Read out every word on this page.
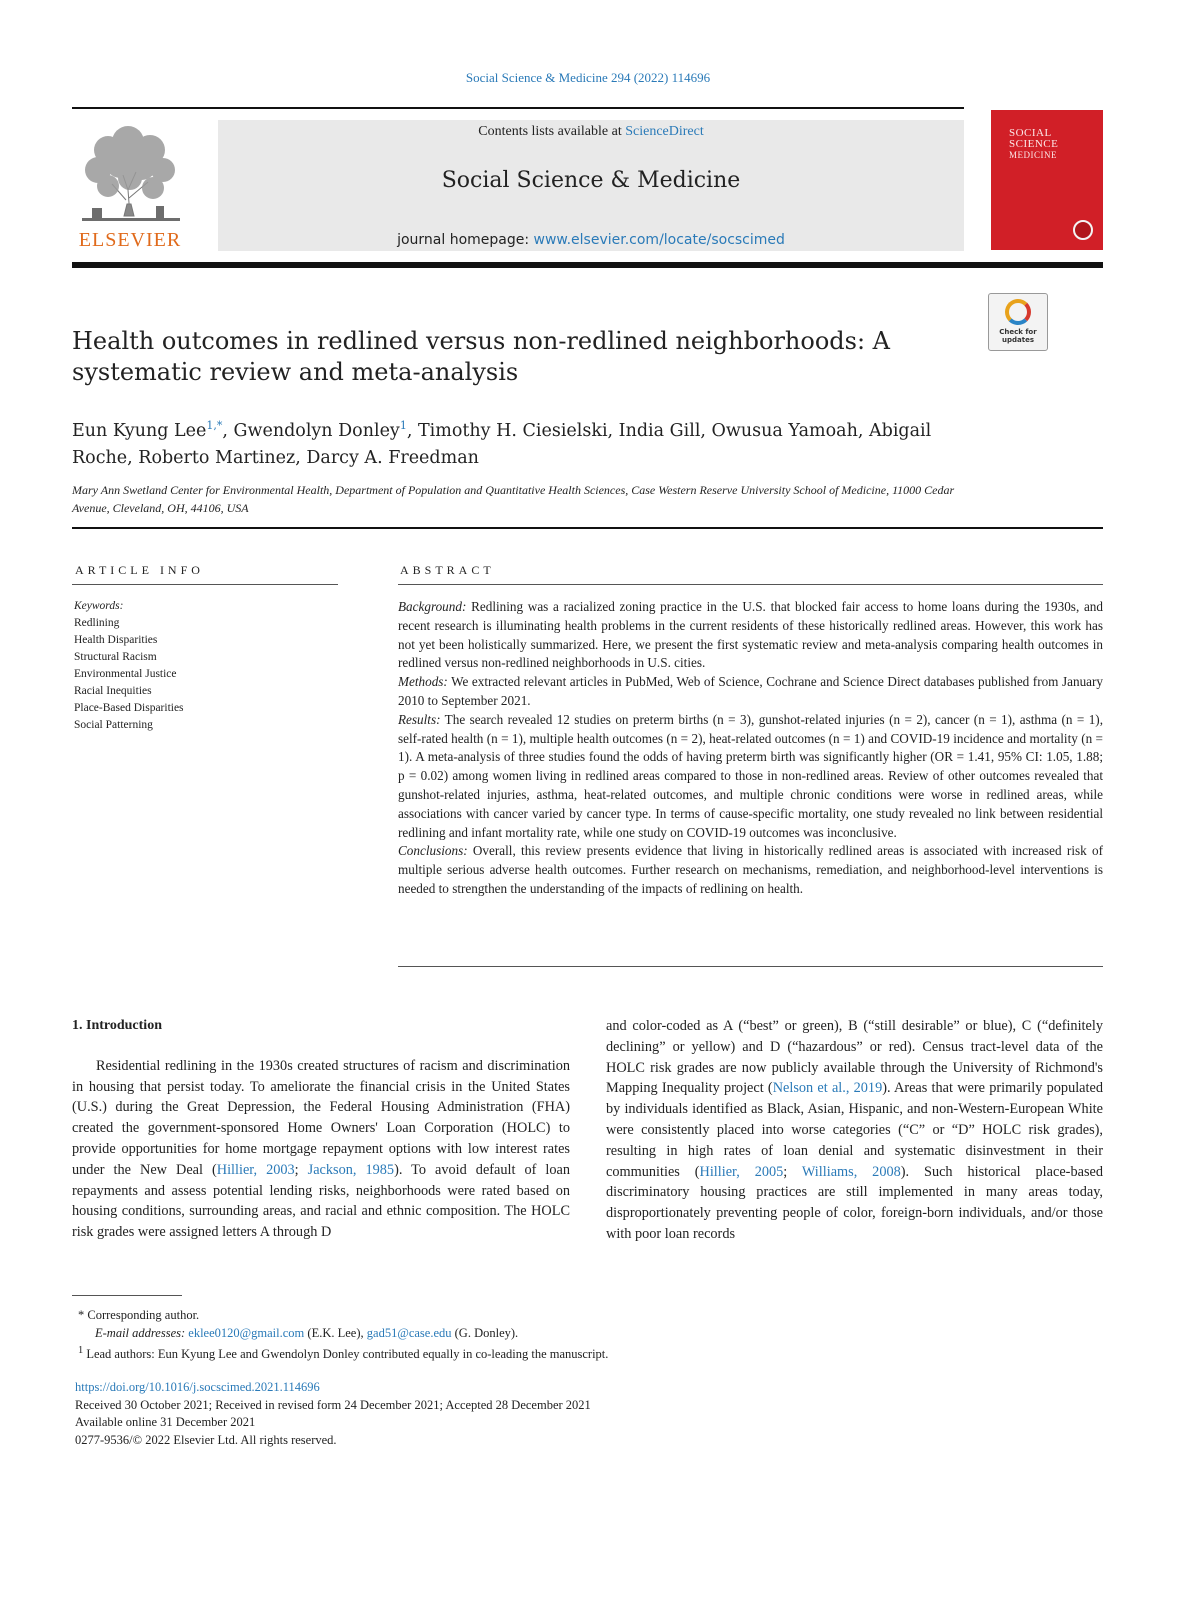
Social Science & Medicine 294 (2022) 114696
ELSEVIER
Contents lists available at ScienceDirect
Social Science & Medicine
journal homepage: www.elsevier.com/locate/socscimed
SOCIAL
SCIENCE
MEDICINE
Check for
updates
Health outcomes in redlined versus non-redlined neighborhoods: A systematic review and meta-analysis
Eun Kyung Lee$^{1,*}$, Gwendolyn Donley$^1$, Timothy H. Ciesielski, India Gill, Owusua Yamoah, Abigail Roche, Roberto Martinez, Darcy A. Freedman
Mary Ann Swetland Center for Environmental Health, Department of Population and Quantitative Health Sciences, Case Western Reserve University School of Medicine, 11000 Cedar Avenue, Cleveland, OH, 44106, USA
ARTICLE INFO	ABSTRACT
Keywords:
Redlining
Health Disparities
Structural Racism
Environmental Justice
Racial Inequities
Place-Based Disparities
Social Patterning

Background: Redlining was a racialized zoning practice in the U.S. that blocked fair access to home loans during the 1930s, and recent research is illuminating health problems in the current residents of these historically redlined areas. However, this work has not yet been holistically summarized. Here, we present the first systematic review and meta-analysis comparing health outcomes in redlined versus non-redlined neighborhoods in U.S. cities.

Methods: We extracted relevant articles in PubMed, Web of Science, Cochrane and Science Direct databases published from January 2010 to September 2021.

Results: The search revealed 12 studies on preterm births (n = 3), gunshot-related injuries (n = 2), cancer (n = 1), asthma (n = 1), self-rated health (n = 1), multiple health outcomes (n = 2), heat-related outcomes (n = 1) and COVID-19 incidence and mortality (n = 1). A meta-analysis of three studies found the odds of having preterm birth was significantly higher (OR = 1.41, 95% CI: 1.05, 1.88; p = 0.02) among women living in redlined areas compared to those in non-redlined areas. Review of other outcomes revealed that gunshot-related injuries, asthma, heat-related outcomes, and multiple chronic conditions were worse in redlined areas, while associations with cancer varied by cancer type. In terms of cause-specific mortality, one study revealed no link between residential redlining and infant mortality rate, while one study on COVID-19 outcomes was inconclusive.

Conclusions: Overall, this review presents evidence that living in historically redlined areas is associated with increased risk of multiple serious adverse health outcomes. Further research on mechanisms, remediation, and neighborhood-level interventions is needed to strengthen the understanding of the impacts of redlining on health.

1. Introduction

Residential redlining in the 1930s created structures of racism and discrimination in housing that persist today. To ameliorate the financial crisis in the United States (U.S.) during the Great Depression, the Federal Housing Administration (FHA) created the government-sponsored Home Owners' Loan Corporation (HOLC) to provide opportunities for home mortgage repayment options with low interest rates under the New Deal (Hillier, 2003; Jackson, 1985). To avoid default of loan repayments and assess potential lending risks, neighborhoods were rated based on housing conditions, surrounding areas, and racial and ethnic composition. The HOLC risk grades were assigned letters A through D

and color-coded as A (“best” or green), B (“still desirable” or blue), C (“definitely declining” or yellow) and D (“hazardous” or red). Census tract-level data of the HOLC risk grades are now publicly available through the University of Richmond's Mapping Inequality project (Nelson et al., 2019). Areas that were primarily populated by individuals identified as Black, Asian, Hispanic, and non-Western-European White were consistently placed into worse categories (“C” or “D” HOLC risk grades), resulting in high rates of loan denial and systematic disinvestment in their communities (Hillier, 2005; Williams, 2008). Such historical place-based discriminatory housing practices are still implemented in many areas today, disproportionately preventing people of color, foreign-born individuals, and/or those with poor loan records

* Corresponding author.
E-mail addresses: eklee0120@gmail.com (E.K. Lee), gad51@case.edu (G. Donley).
$^1$ Lead authors: Eun Kyung Lee and Gwendolyn Donley contributed equally in co-leading the manuscript.
https://doi.org/10.1016/j.socscimed.2021.114696
Received 30 October 2021; Received in revised form 24 December 2021; Accepted 28 December 2021
Available online 31 December 2021
0277-9536/© 2022 Elsevier Ltd. All rights reserved.
